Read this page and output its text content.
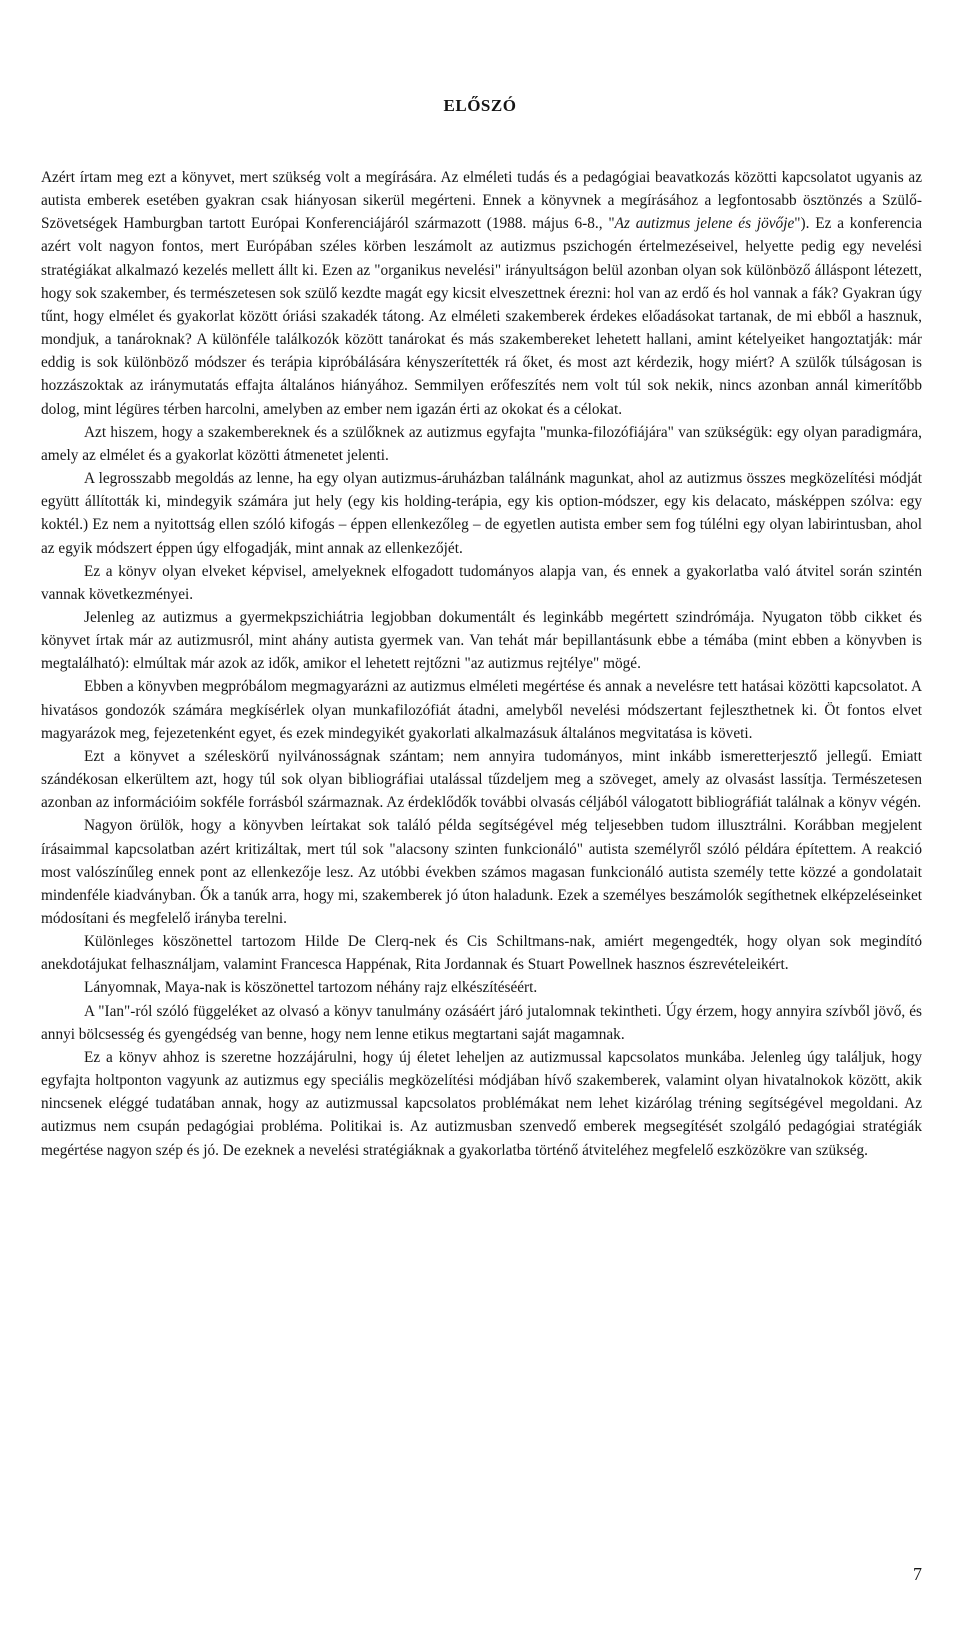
ELŐSZÓ

Azért írtam meg ezt a könyvet, mert szükség volt a megírására. Az elméleti tudás és a pedagógiai beavatkozás közötti kapcsolatot ugyanis az autista emberek esetében gyakran csak hiányosan sikerül megérteni. Ennek a könyvnek a megírásához a legfontosabb ösztönzés a Szülő-Szövetségek Hamburgban tartott Európai Konferenciájáról származott (1988. május 6-8., "Az autizmus jelene és jövője"). Ez a konferencia azért volt nagyon fontos, mert Európában széles körben leszámolt az autizmus pszichogén értelmezéseivel, helyette pedig egy nevelési stratégiákat alkalmazó kezelés mellett állt ki. Ezen az "organikus nevelési" irányultságon belül azonban olyan sok különböző álláspont létezett, hogy sok szakember, és természetesen sok szülő kezdte magát egy kicsit elveszettnek érezni: hol van az erdő és hol vannak a fák? Gyakran úgy tűnt, hogy elmélet és gyakorlat között óriási szakadék tátong. Az elméleti szakemberek érdekes előadásokat tartanak, de mi ebből a hasznuk, mondjuk, a tanároknak? A különféle találkozók között tanárokat és más szakembereket lehetett hallani, amint kételyeiket hangoztatják: már eddig is sok különböző módszer és terápia kipróbálására kényszerítették rá őket, és most azt kérdezik, hogy miért? A szülők túlságosan is hozzászoktak az iránymutatás effajta általános hiányához. Semmilyen erőfeszítés nem volt túl sok nekik, nincs azonban annál kimerítőbb dolog, mint légüres térben harcolni, amelyben az ember nem igazán érti az okokat és a célokat.

Azt hiszem, hogy a szakembereknek és a szülőknek az autizmus egyfajta "munka-filozófiájára" van szükségük: egy olyan paradigmára, amely az elmélet és a gyakorlat közötti átmenetet jelenti.

A legrosszabb megoldás az lenne, ha egy olyan autizmus-áruházban találnánk magunkat, ahol az autizmus összes megközelítési módját együtt állították ki, mindegyik számára jut hely (egy kis holding-terápia, egy kis option-módszer, egy kis delacato, másképpen szólva: egy koktél.) Ez nem a nyitottság ellen szóló kifogás – éppen ellenkezőleg – de egyetlen autista ember sem fog túlélni egy olyan labirintusban, ahol az egyik módszert éppen úgy elfogadják, mint annak az ellenkezőjét.

Ez a könyv olyan elveket képvisel, amelyeknek elfogadott tudományos alapja van, és ennek a gyakorlatba való átvitel során szintén vannak következményei.

Jelenleg az autizmus a gyermekpszichiátria legjobban dokumentált és leginkább megértett szindrómája. Nyugaton több cikket és könyvet írtak már az autizmusról, mint ahány autista gyermek van. Van tehát már bepillantásunk ebbe a témába (mint ebben a könyvben is megtalálható): elmúltak már azok az idők, amikor el lehetett rejtőzni "az autizmus rejtélye" mögé.

Ebben a könyvben megpróbálom megmagyarázni az autizmus elméleti megértése és annak a nevelésre tett hatásai közötti kapcsolatot. A hivatásos gondozók számára megkísérlek olyan munkafilozófiát átadni, amelyből nevelési módszertant fejleszthetnek ki. Öt fontos elvet magyarázok meg, fejezetenként egyet, és ezek mindegyikét gyakorlati alkalmazásuk általános megvitatása is követi.

Ezt a könyvet a széleskörű nyilvánosságnak szántam; nem annyira tudományos, mint inkább ismeretterjesztő jellegű. Emiatt szándékosan elkerültem azt, hogy túl sok olyan bibliográfiai utalással tűzdeljem meg a szöveget, amely az olvasást lassítja. Természetesen azonban az információim sokféle forrásból származnak. Az érdeklődők további olvasás céljából válogatott bibliográfiát találnak a könyv végén.

Nagyon örülök, hogy a könyvben leírtakat sok találó példa segítségével még teljesebben tudom illusztrálni. Korábban megjelent írásaimmal kapcsolatban azért kritizáltak, mert túl sok "alacsony szinten funkcionáló" autista személyről szóló példára építettem. A reakció most valószínűleg ennek pont az ellenkezője lesz. Az utóbbi években számos magasan funkcionáló autista személy tette közzé a gondolatait mindenféle kiadványban. Ők a tanúk arra, hogy mi, szakemberek jó úton haladunk. Ezek a személyes beszámolók segíthetnek elképzeléseinket módosítani és megfelelő irányba terelni.

Különleges köszönettel tartozom Hilde De Clerq-nek és Cis Schiltmans-nak, amiért megengedték, hogy olyan sok megindító anekdotájukat felhasználjam, valamint Francesca Happénak, Rita Jordannak és Stuart Powellnek hasznos észrevételeikért.

Lányomnak, Maya-nak is köszönettel tartozom néhány rajz elkészítéséért.

A "Ian"-ról szóló függeléket az olvasó a könyv tanulmány ozásáért járó jutalomnak tekintheti. Úgy érzem, hogy annyira szívből jövő, és annyi bölcsesség és gyengédség van benne, hogy nem lenne etikus megtartani saját magamnak.

Ez a könyv ahhoz is szeretne hozzájárulni, hogy új életet leheljen az autizmussal kapcsolatos munkába. Jelenleg úgy találjuk, hogy egyfajta holtponton vagyunk az autizmus egy speciális megközelítési módjában hívő szakemberek, valamint olyan hivatalnokok között, akik nincsenek eléggé tudatában annak, hogy az autizmussal kapcsolatos problémákat nem lehet kizárólag tréning segítségével megoldani. Az autizmus nem csupán pedagógiai probléma. Politikai is. Az autizmusban szenvedő emberek megsegítését szolgáló pedagógiai stratégiák megértése nagyon szép és jó. De ezeknek a nevelési stratégiáknak a gyakorlatba történő átviteléhez megfelelő eszközökre van szükség.

7
